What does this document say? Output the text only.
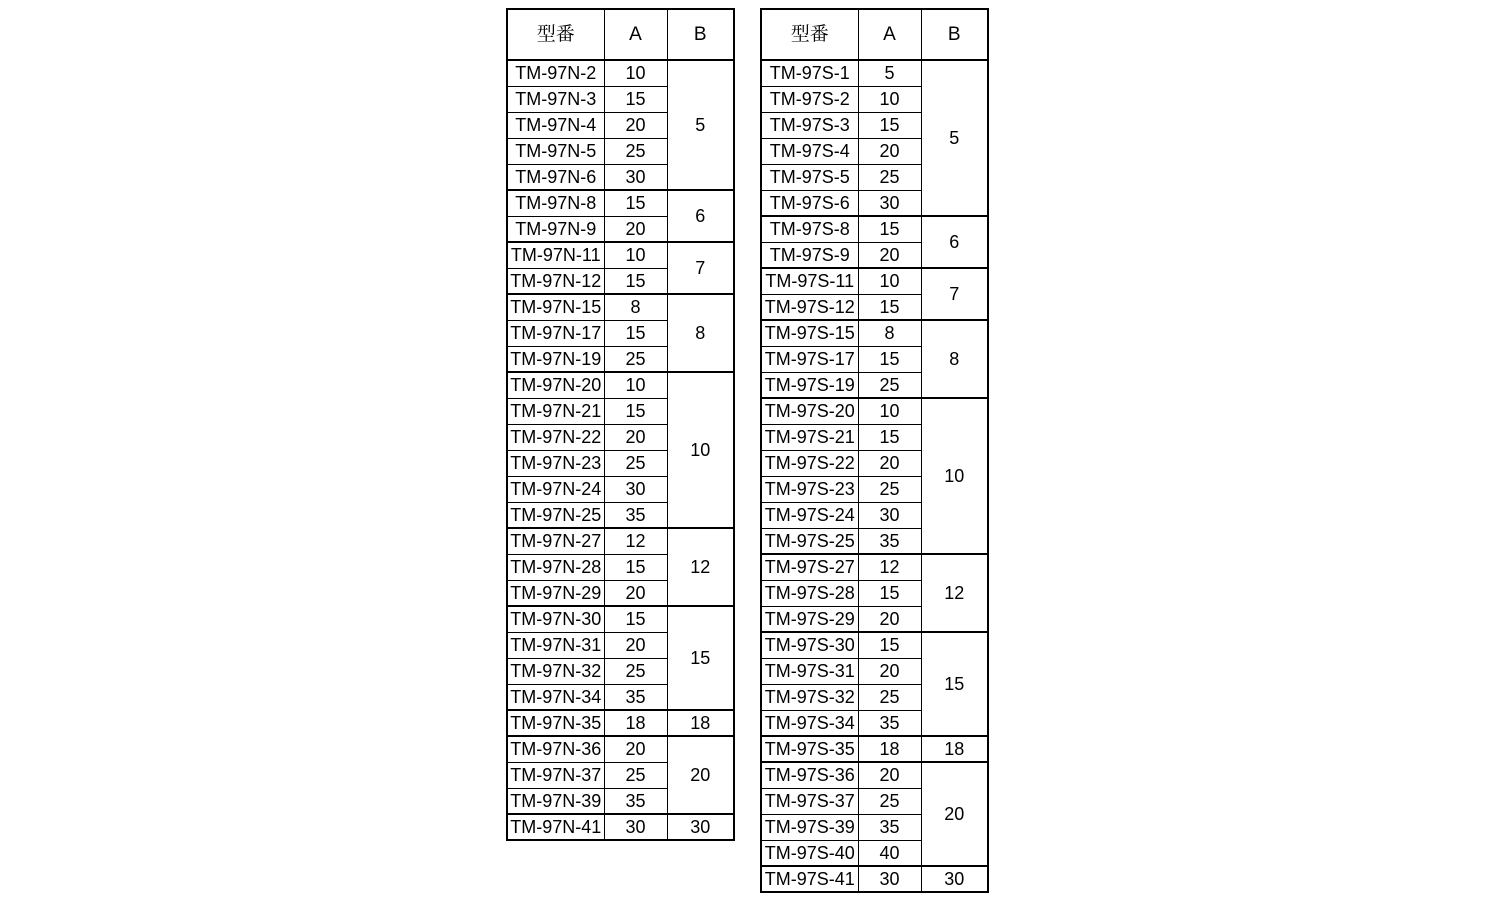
型番	A	B
TM-97N-2	10	5
TM-97N-3	15	
TM-97N-4	20	
TM-97N-5	25	
TM-97N-6	30	
TM-97N-8	15	6
TM-97N-9	20	
TM-97N-11	10	7
TM-97N-12	15	
TM-97N-15	8	8
TM-97N-17	15	
TM-97N-19	25	
TM-97N-20	10	10
TM-97N-21	15	
TM-97N-22	20	
TM-97N-23	25	
TM-97N-24	30	
TM-97N-25	35	
TM-97N-27	12	12
TM-97N-28	15	
TM-97N-29	20	
TM-97N-30	15	15
TM-97N-31	20	
TM-97N-32	25	
TM-97N-34	35	
TM-97N-35	18	18
TM-97N-36	20	20
TM-97N-37	25	
TM-97N-39	35	
TM-97N-41	30	30
型番	A	B
TM-97S-1	5	5
TM-97S-2	10	
TM-97S-3	15	
TM-97S-4	20	
TM-97S-5	25	
TM-97S-6	30	
TM-97S-8	15	6
TM-97S-9	20	
TM-97S-11	10	7
TM-97S-12	15	
TM-97S-15	8	8
TM-97S-17	15	
TM-97S-19	25	
TM-97S-20	10	10
TM-97S-21	15	
TM-97S-22	20	
TM-97S-23	25	
TM-97S-24	30	
TM-97S-25	35	
TM-97S-27	12	12
TM-97S-28	15	
TM-97S-29	20	
TM-97S-30	15	15
TM-97S-31	20	
TM-97S-32	25	
TM-97S-34	35	
TM-97S-35	18	18
TM-97S-36	20	20
TM-97S-37	25	
TM-97S-39	35	
TM-97S-40	40	
TM-97S-41	30	30
